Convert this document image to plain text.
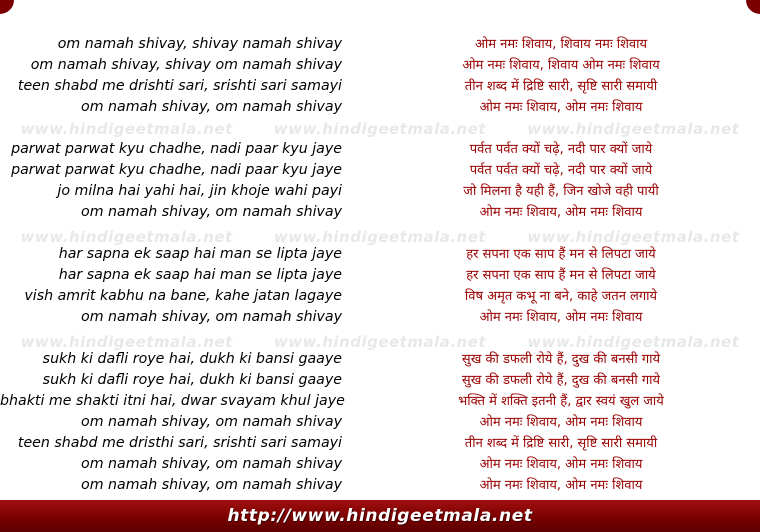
www.hindigeetmala.net	www.hindigeetmala.net	www.hindigeetmala.net
www.hindigeetmala.net	www.hindigeetmala.net	www.hindigeetmala.net
www.hindigeetmala.net	www.hindigeetmala.net	www.hindigeetmala.net
om namah shivay, shivay namah shivay
om namah shivay, shivay om namah shivay
teen shabd me drishti sari, srishti sari samayi
om namah shivay, om namah shivay
parwat parwat kyu chadhe, nadi paar kyu jaye
parwat parwat kyu chadhe, nadi paar kyu jaye
jo milna hai yahi hai, jin khoje wahi payi
om namah shivay, om namah shivay
har sapna ek saap hai man se lipta jaye
har sapna ek saap hai man se lipta jaye
vish amrit kabhu na bane, kahe jatan lagaye
om namah shivay, om namah shivay
sukh ki dafli roye hai, dukh ki bansi gaaye
sukh ki dafli roye hai, dukh ki bansi gaaye
bhakti me shakti itni hai, dwar svayam khul jaye
om namah shivay, om namah shivay
teen shabd me dristhi sari, srishti sari samayi
om namah shivay, om namah shivay
om namah shivay, om namah shivay
ओम नमः शिवाय, शिवाय नमः शिवाय
ओम नमः शिवाय, शिवाय ओम नमः शिवाय
तीन शब्द में द्रिष्टि सारी, सृष्टि सारी समायी
ओम नमः शिवाय, ओम नमः शिवाय
पर्वत पर्वत क्यों चढ़े, नदी पार क्यों जाये
पर्वत पर्वत क्यों चढ़े, नदी पार क्यों जाये
जो मिलना है यही हैं, जिन खोजे वही पायी
ओम नमः शिवाय, ओम नमः शिवाय
हर सपना एक साप हैं मन से लिपटा जाये
हर सपना एक साप हैं मन से लिपटा जाये
विष अमृत कभू ना बने, काहे जतन लगाये
ओम नमः शिवाय, ओम नमः शिवाय
सुख की डफली रोये हैं, दुख की बनसी गाये
सुख की डफली रोये हैं, दुख की बनसी गाये
भक्ति में शक्ति इतनी हैं, द्वार स्वयं खुल जाये
ओम नमः शिवाय, ओम नमः शिवाय
तीन शब्द में द्रिष्टि सारी, सृष्टि सारी समायी
ओम नमः शिवाय, ओम नमः शिवाय
ओम नमः शिवाय, ओम नमः शिवाय
http://www.hindigeetmala.net
